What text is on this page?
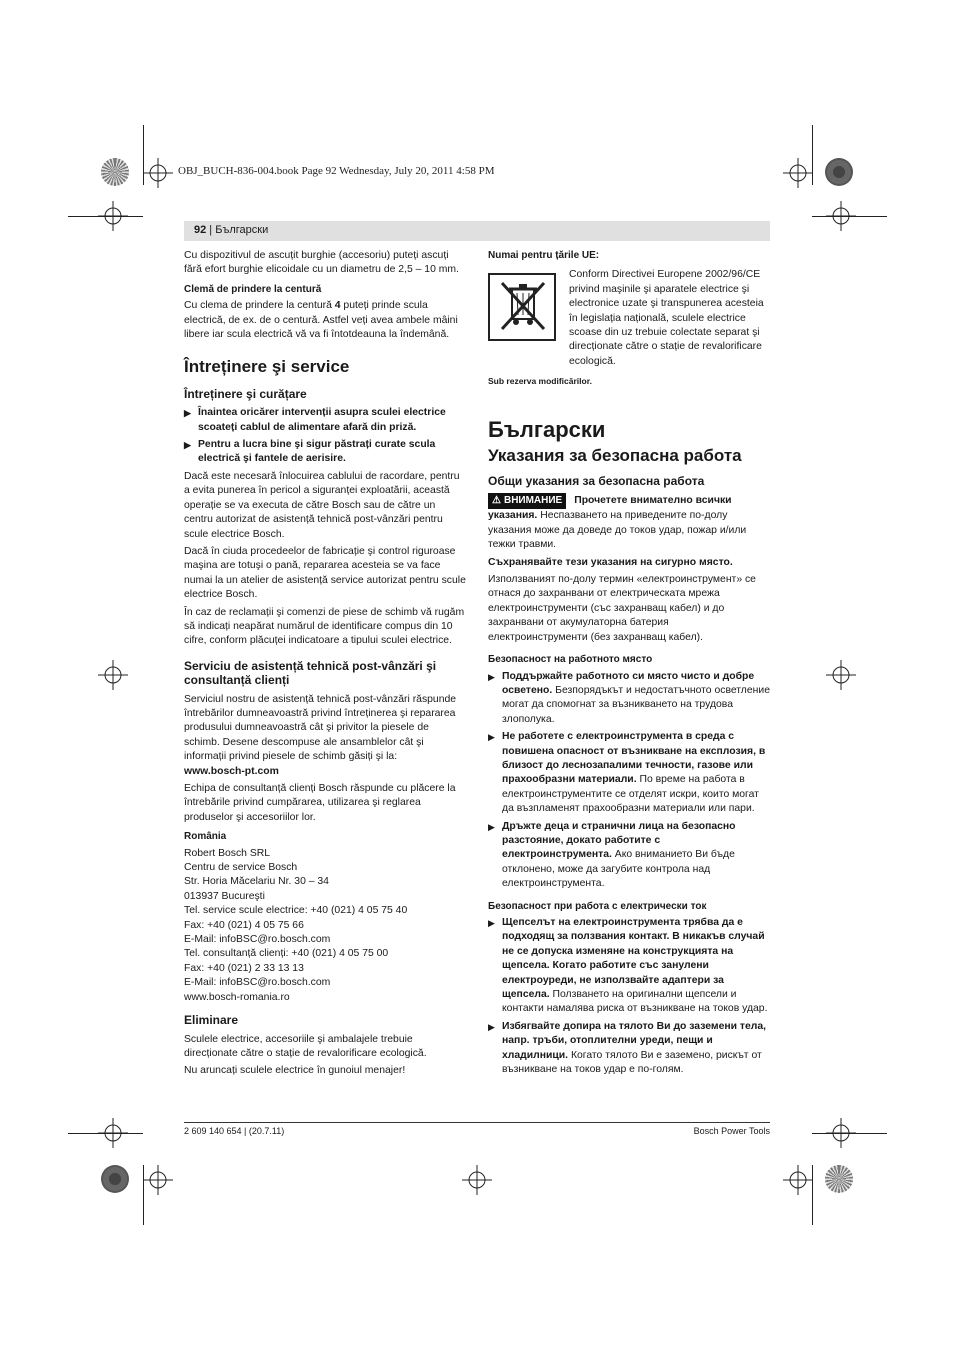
OBJ_BUCH-836-004.book Page 92 Wednesday, July 20, 2011 4:58 PM
92 | Български

Cu dispozitivul de ascuțit burghie (accesoriu) puteți ascuți fără efort burghie elicoidale cu un diametru de 2,5 – 10 mm.

Clemă de prindere la centură

Cu clema de prindere la centură 4 puteți prinde scula electrică, de ex. de o centură. Astfel veți avea ambele mâini libere iar scula electrică vă va fi întotdeauna la îndemână.

Întreținere şi service
Întreținere şi curățare
▶ Înaintea oricărer intervenții asupra sculei electrice scoateți cablul de alimentare afară din priză.
▶ Pentru a lucra bine şi sigur păstrați curate scula electrică şi fantele de aerisire.

Dacă este necesară înlocuirea cablului de racordare, pentru a evita punerea în pericol a siguranței exploatării, această operație se va executa de către Bosch sau de către un centru autorizat de asistență tehnică post-vânzări pentru scule electrice Bosch.

Dacă în ciuda procedeelor de fabricație şi control riguroase maşina are totuşi o pană, repararea acesteia se va face numai la un atelier de asistență service autorizat pentru scule electrice Bosch.

În caz de reclamații şi comenzi de piese de schimb vă rugăm să indicați neapărat numărul de identificare compus din 10 cifre, conform plăcuței indicatoare a tipului sculei electrice.

Serviciu de asistență tehnică post-vânzări şi consultanță clienți

Serviciul nostru de asistență tehnică post-vânzări răspunde întrebărilor dumneavoastră privind întreținerea şi repararea produsului dumneavoastră cât şi privitor la piesele de schimb. Desene descompuse ale ansamblelor cât şi informații privind piesele de schimb găsiți şi la:

www.bosch-pt.com

Echipa de consultanță clienți Bosch răspunde cu plăcere la întrebările privind cumpărarea, utilizarea şi reglarea produselor şi accesoriilor lor.

România
Robert Bosch SRL
Centru de service Bosch
Str. Horia Măcelariu Nr. 30 – 34
013937 Bucureşti
Tel. service scule electrice: +40 (021) 4 05 75 40
Fax: +40 (021) 4 05 75 66
E-Mail: infoBSC@ro.bosch.com
Tel. consultanță clienți: +40 (021) 4 05 75 00
Fax: +40 (021) 2 33 13 13
E-Mail: infoBSC@ro.bosch.com
www.bosch-romania.ro
Eliminare

Sculele electrice, accesoriile şi ambalajele trebuie direcționate către o stație de revalorificare ecologică.

Nu aruncați sculele electrice în gunoiul menajer!

Numai pentru țările UE:
Conform Directivei Europene 2002/96/CE privind maşinile şi aparatele electrice şi electronice uzate şi transpunerea acesteia în legislația națională, sculele electrice scoase din uz trebuie colectate separat şi direcționate către o stație de revalorificare ecologică.
Sub rezerva modificărilor.
Български
Указания за безопасна работа
Общи указания за безопасна работа
⚠ ВНИМАНИЕ Прочетете внимателно всички указания. Неспазването на приведените по-долу указания може да доведе до токов удар, пожар и/или тежки травми.

Съхранявайте тези указания на сигурно място.

Използваният по-долу термин «електроинструмент» се отнася до захранвани от електрическата мрежа електроинструменти (със захранващ кабел) и до захранвани от акумулаторна батерия електроинструменти (без захранващ кабел).

Безопасност на работното място
▶ Поддържайте работното си място чисто и добре осветено. Безпорядъкът и недостатъчното осветление могат да спомогнат за възникването на трудова злополука.
▶ Не работете с електроинструмента в среда с повишена опасност от възникване на експлозия, в близост до леснозапалими течности, газове или прахообразни материали. По време на работа в електроинструментите се отделят искри, които могат да възпламенят прахообразни материали или пари.
▶ Дръжте деца и странични лица на безопасно разстояние, докато работите с електроинструмента. Ако вниманието Ви бъде отклонено, може да загубите контрола над електроинструмента.
Безопасност при работа с електрически ток
▶ Щепселът на електроинструмента трябва да е подходящ за ползвания контакт. В никакъв случай не се допуска изменяне на конструкцията на щепсела. Когато работите със занулени електроуреди, не използвайте адаптери за щепсела. Ползването на оригинални щепсели и контакти намалява риска от възникване на токов удар.
▶ Избягвайте допира на тялото Ви до заземени тела, напр. тръби, отоплителни уреди, пещи и хладилници. Когато тялото Ви е заземено, рискът от възникване на токов удар е по-голям.
2 609 140 654 | (20.7.11)	Bosch Power Tools
